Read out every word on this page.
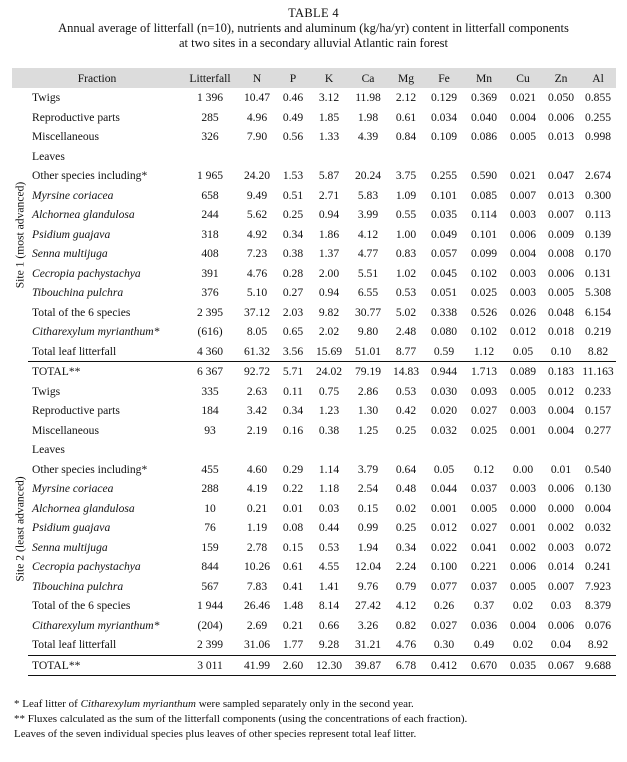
TABLE 4
Annual average of litterfall (n=10), nutrients and aluminum (kg/ha/yr) content in litterfall components
at two sites in a secondary alluvial Atlantic rain forest
Fraction		Litterfall	N	P	K	Ca	Mg	Fe	Mn	Cu	Zn	Al

Site 1 (most advanced)	Twigs	1 396	10.47	0.46	3.12	11.98	2.12	0.129	0.369	0.021	0.050	0.855
	Reproductive parts	285	4.96	0.49	1.85	1.98	0.61	0.034	0.040	0.004	0.006	0.255
	Miscellaneous	326	7.90	0.56	1.33	4.39	0.84	0.109	0.086	0.005	0.013	0.998
	Leaves											
	Other species including*	1 965	24.20	1.53	5.87	20.24	3.75	0.255	0.590	0.021	0.047	2.674
	Myrsine coriacea	658	9.49	0.51	2.71	5.83	1.09	0.101	0.085	0.007	0.013	0.300
	Alchornea glandulosa	244	5.62	0.25	0.94	3.99	0.55	0.035	0.114	0.003	0.007	0.113
	Psidium guajava	318	4.92	0.34	1.86	4.12	1.00	0.049	0.101	0.006	0.009	0.139
	Senna multijuga	408	7.23	0.38	1.37	4.77	0.83	0.057	0.099	0.004	0.008	0.170
	Cecropia pachystachya	391	4.76	0.28	2.00	5.51	1.02	0.045	0.102	0.003	0.006	0.131
	Tibouchina pulchra	376	5.10	0.27	0.94	6.55	0.53	0.051	0.025	0.003	0.005	5.308
	Total of the 6 species	2 395	37.12	2.03	9.82	30.77	5.02	0.338	0.526	0.026	0.048	6.154
	Citharexylum myrianthum*	(616)	8.05	0.65	2.02	9.80	2.48	0.080	0.102	0.012	0.018	0.219
	Total leaf litterfall	4 360	61.32	3.56	15.69	51.01	8.77	0.59	1.12	0.05	0.10	8.82
	TOTAL**	6 367	92.72	5.71	24.02	79.19	14.83	0.944	1.713	0.089	0.183	11.163

Site 2 (least advanced)	Twigs	335	2.63	0.11	0.75	2.86	0.53	0.030	0.093	0.005	0.012	0.233
	Reproductive parts	184	3.42	0.34	1.23	1.30	0.42	0.020	0.027	0.003	0.004	0.157
	Miscellaneous	93	2.19	0.16	0.38	1.25	0.25	0.032	0.025	0.001	0.004	0.277
	Leaves											
	Other species including*	455	4.60	0.29	1.14	3.79	0.64	0.05	0.12	0.00	0.01	0.540
	Myrsine coriacea	288	4.19	0.22	1.18	2.54	0.48	0.044	0.037	0.003	0.006	0.130
	Alchornea glandulosa	10	0.21	0.01	0.03	0.15	0.02	0.001	0.005	0.000	0.000	0.004
	Psidium guajava	76	1.19	0.08	0.44	0.99	0.25	0.012	0.027	0.001	0.002	0.032
	Senna multijuga	159	2.78	0.15	0.53	1.94	0.34	0.022	0.041	0.002	0.003	0.072
	Cecropia pachystachya	844	10.26	0.61	4.55	12.04	2.24	0.100	0.221	0.006	0.014	0.241
	Tibouchina pulchra	567	7.83	0.41	1.41	9.76	0.79	0.077	0.037	0.005	0.007	7.923
	Total of the 6 species	1 944	26.46	1.48	8.14	27.42	4.12	0.26	0.37	0.02	0.03	8.379
	Citharexylum myrianthum*	(204)	2.69	0.21	0.66	3.26	0.82	0.027	0.036	0.004	0.006	0.076
	Total leaf litterfall	2 399	31.06	1.77	9.28	31.21	4.76	0.30	0.49	0.02	0.04	8.92
	TOTAL**	3 011	41.99	2.60	12.30	39.87	6.78	0.412	0.670	0.035	0.067	9.688
* Leaf litter of Citharexylum myrianthum were sampled separately only in the second year.
** Fluxes calculated as the sum of the litterfall components (using the concentrations of each fraction).
Leaves of the seven individual species plus leaves of other species represent total leaf litter.
